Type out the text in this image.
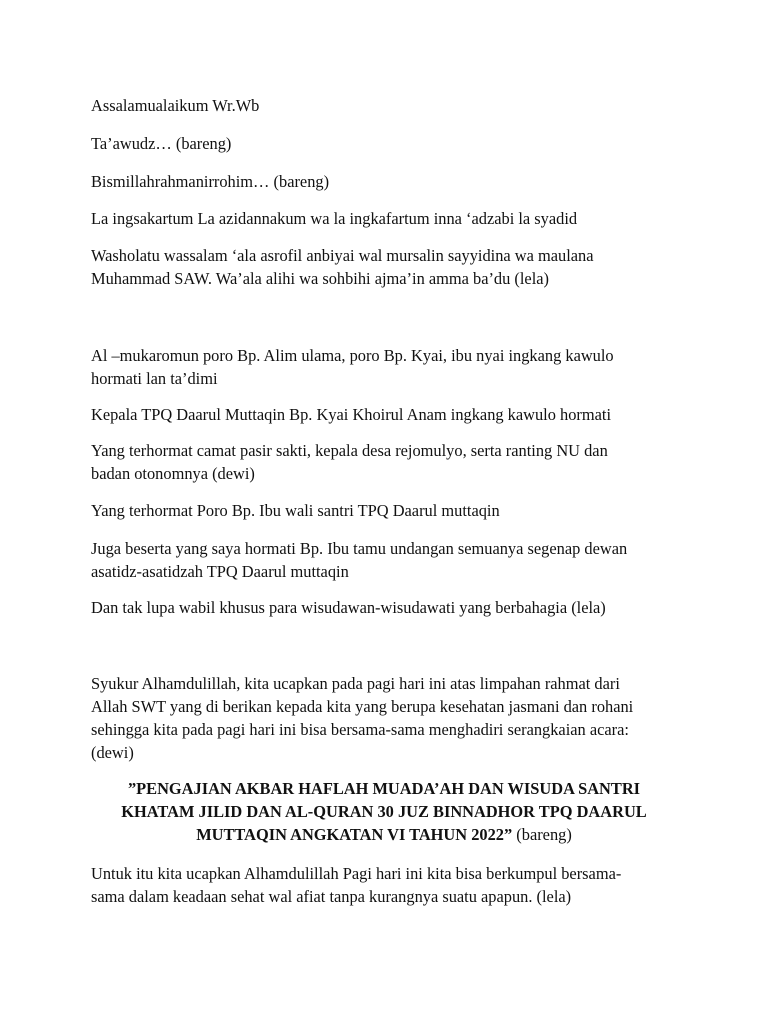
Assalamualaikum Wr.Wb

Ta’awudz… (bareng)

Bismillahrahmanirrohim… (bareng)

La ingsakartum La azidannakum wa la ingkafartum inna ‘adzabi la syadid

Washolatu wassalam ‘ala asrofil anbiyai wal mursalin sayyidina wa maulana
Muhammad SAW. Wa’ala alihi wa sohbihi ajma’in amma ba’du (lela)
Al –mukaromun poro Bp. Alim ulama, poro Bp. Kyai, ibu nyai ingkang kawulo
hormati lan ta’dimi

Kepala TPQ Daarul Muttaqin Bp. Kyai Khoirul Anam ingkang kawulo hormati

Yang terhormat camat pasir sakti, kepala desa rejomulyo, serta ranting NU dan
badan otonomnya (dewi)

Yang terhormat Poro Bp. Ibu wali santri TPQ Daarul muttaqin

Juga beserta yang saya hormati Bp. Ibu tamu undangan semuanya segenap dewan
asatidz-asatidzah TPQ Daarul muttaqin

Dan tak lupa wabil khusus para wisudawan-wisudawati yang berbahagia (lela)

Syukur Alhamdulillah, kita ucapkan pada pagi hari ini atas limpahan rahmat dari
Allah SWT yang di berikan kepada kita yang berupa kesehatan jasmani dan rohani
sehingga kita pada pagi hari ini bisa bersama-sama menghadiri serangkaian acara:
(dewi)
”PENGAJIAN AKBAR HAFLAH MUADA’AH DAN WISUDA SANTRI
KHATAM JILID DAN AL-QURAN 30 JUZ BINNADHOR TPQ DAARUL
MUTTAQIN ANGKATAN VI TAHUN 2022” (bareng)
Untuk itu kita ucapkan Alhamdulillah Pagi hari ini kita bisa berkumpul bersama-
sama dalam keadaan sehat wal afiat tanpa kurangnya suatu apapun. (lela)
